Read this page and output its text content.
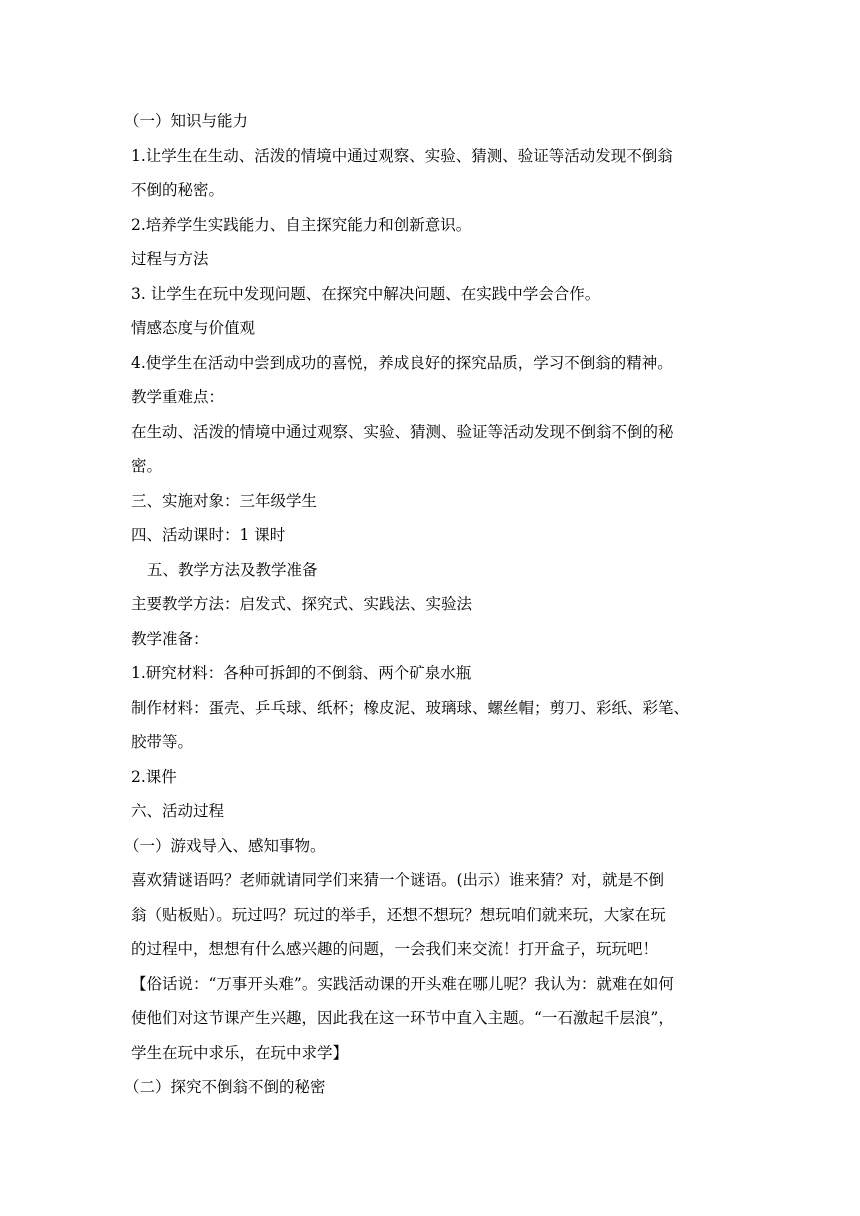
（一）知识与能力
1.让学生在生动、活泼的情境中通过观察、实验、猜测、验证等活动发现不倒翁
不倒的秘密。
2.培养学生实践能力、自主探究能力和创新意识。
过程与方法
3. 让学生在玩中发现问题、在探究中解决问题、在实践中学会合作。
情感态度与价值观
4.使学生在活动中尝到成功的喜悦，养成良好的探究品质，学习不倒翁的精神。
教学重难点：
在生动、活泼的情境中通过观察、实验、猜测、验证等活动发现不倒翁不倒的秘
密。
三、实施对象：三年级学生
四、活动课时：1 课时
五、教学方法及教学准备
主要教学方法：启发式、探究式、实践法、实验法
教学准备：
1.研究材料：各种可拆卸的不倒翁、两个矿泉水瓶
制作材料：蛋壳、乒乓球、纸杯；橡皮泥、玻璃球、螺丝帽；剪刀、彩纸、彩笔、
胶带等。
2.课件
六、活动过程
（一）游戏导入、感知事物。
喜欢猜谜语吗？老师就请同学们来猜一个谜语。(出示）谁来猜？对，就是不倒
翁（贴板贴）。玩过吗？玩过的举手，还想不想玩？想玩咱们就来玩，大家在玩
的过程中，想想有什么感兴趣的问题，一会我们来交流！打开盒子，玩玩吧！
【俗话说：“万事开头难”。实践活动课的开头难在哪儿呢？我认为：就难在如何
使他们对这节课产生兴趣，因此我在这一环节中直入主题。“一石激起千层浪”，
学生在玩中求乐，在玩中求学】
（二）探究不倒翁不倒的秘密
